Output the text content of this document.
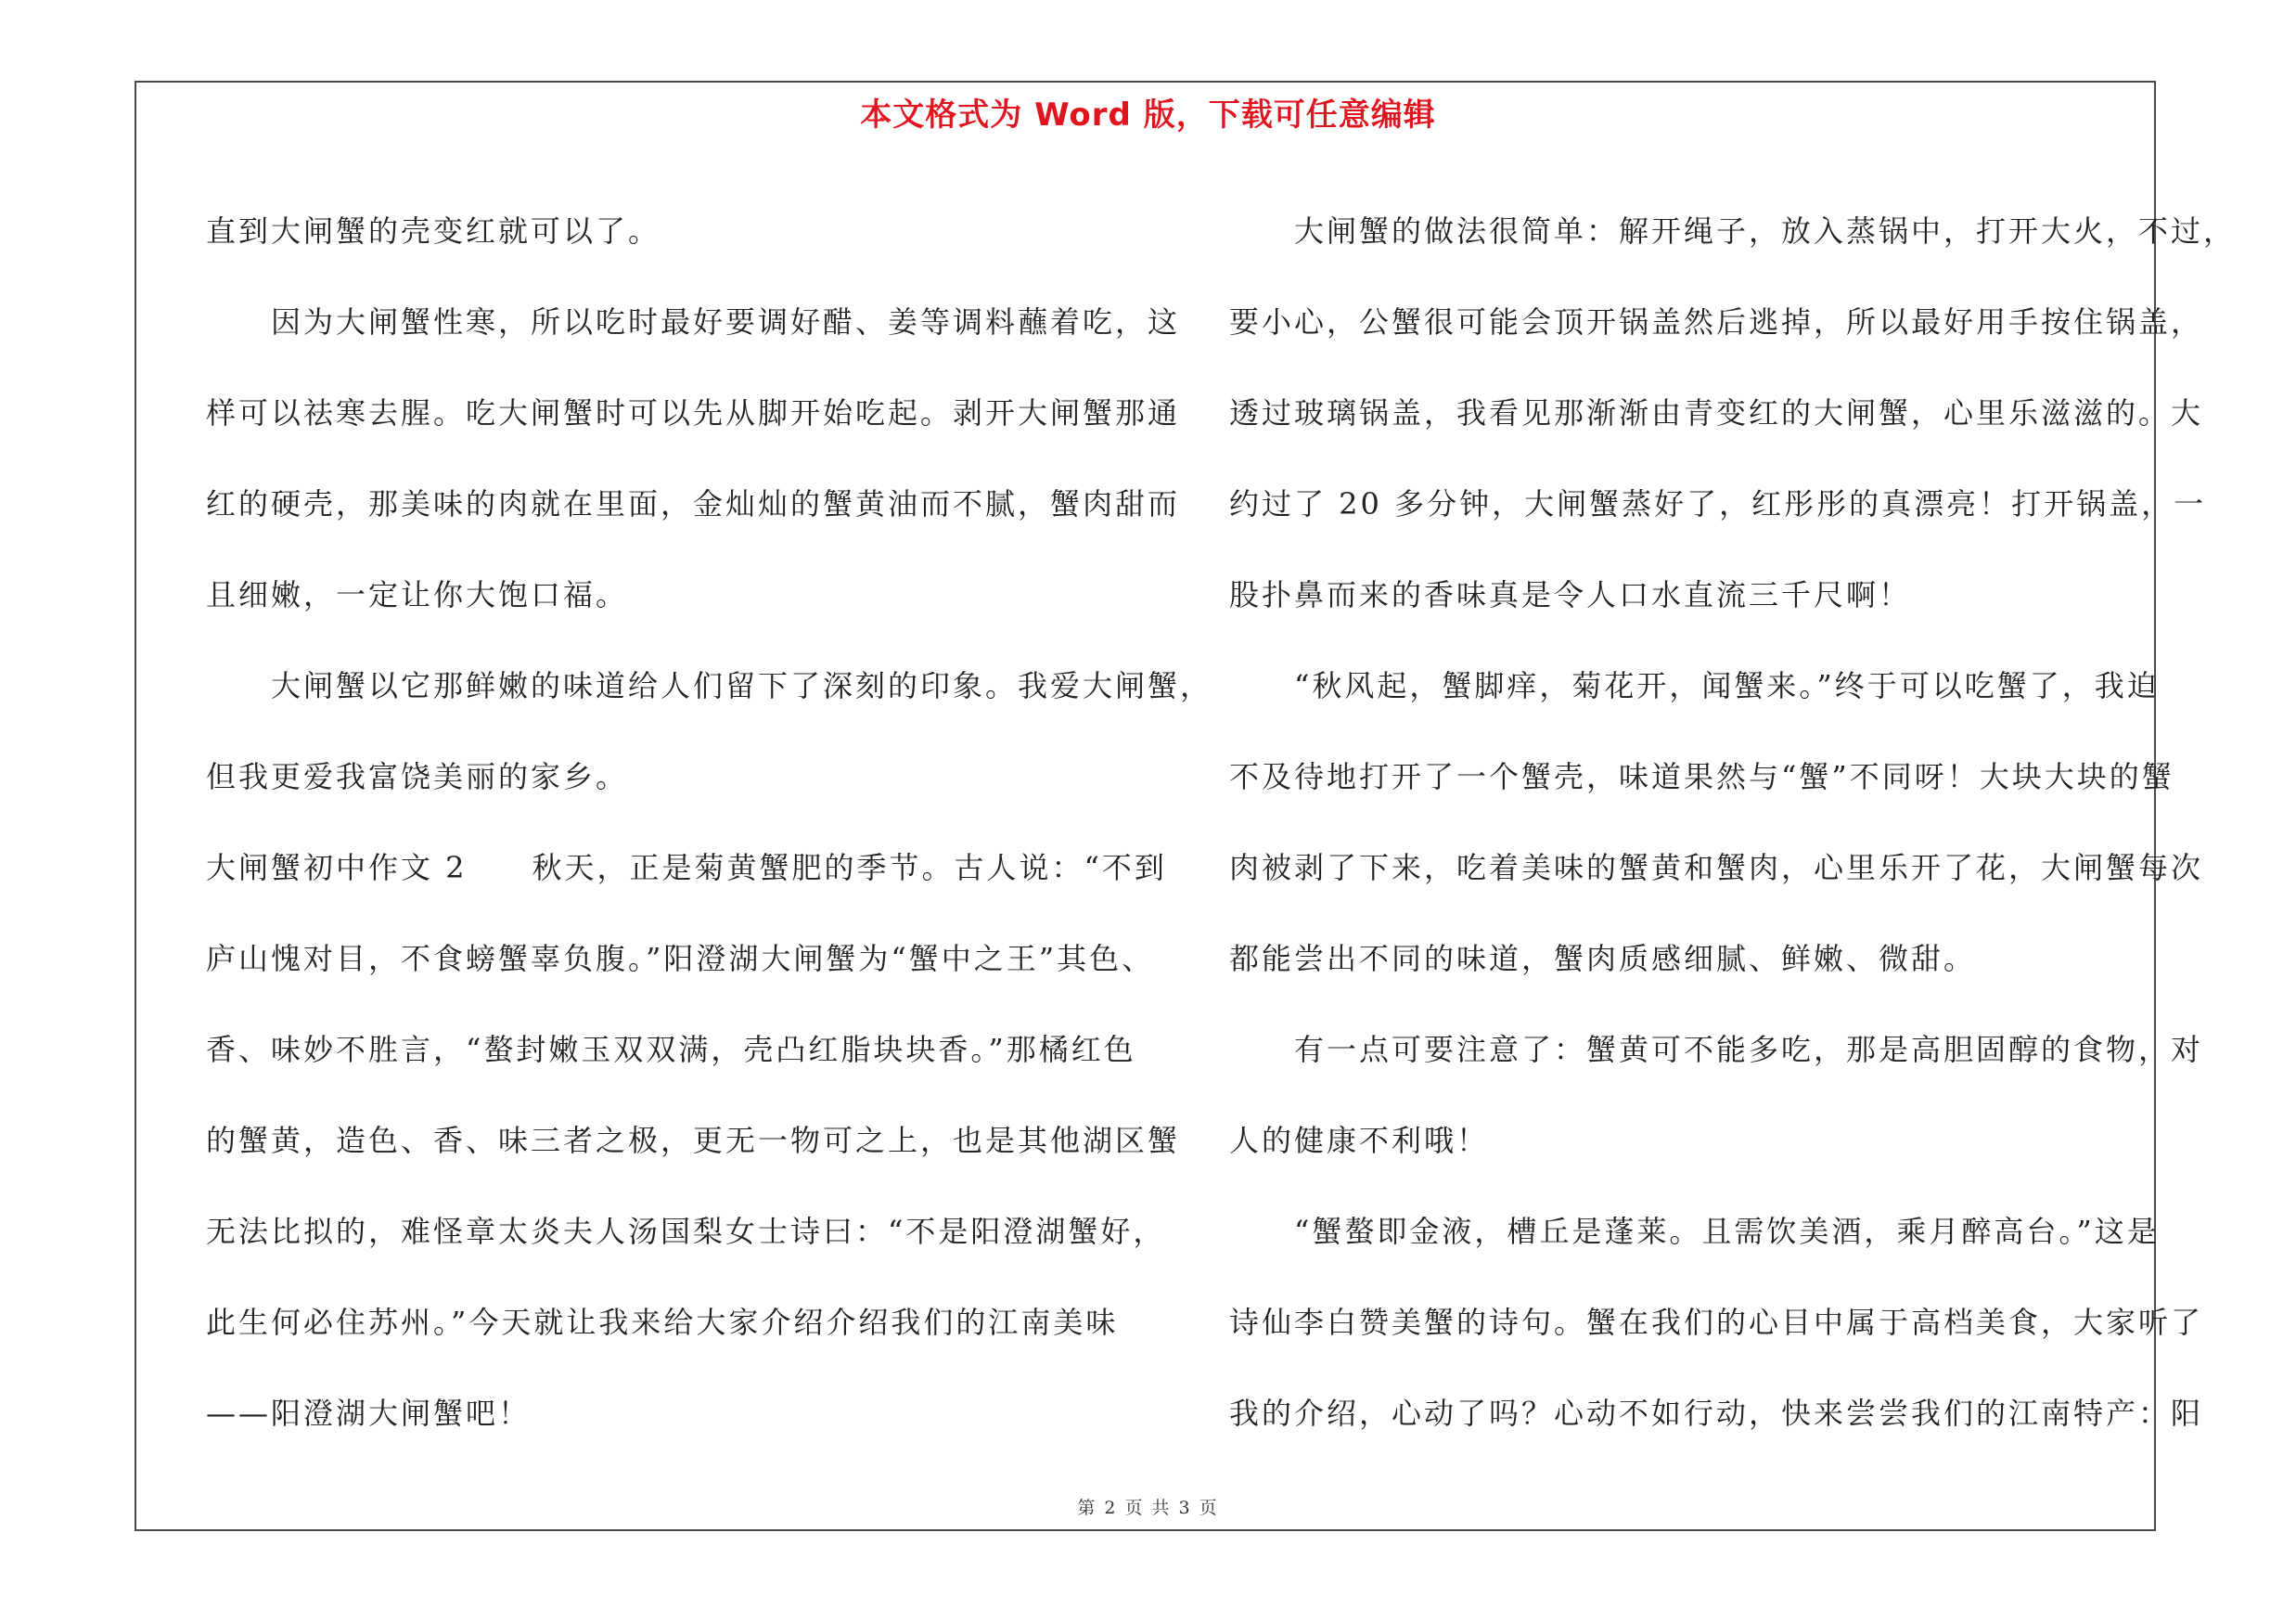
本文格式为 Word 版，下载可任意编辑
直到大闸蟹的壳变红就可以了。
　　因为大闸蟹性寒，所以吃时最好要调好醋、姜等调料蘸着吃，这
样可以祛寒去腥。吃大闸蟹时可以先从脚开始吃起。剥开大闸蟹那通
红的硬壳，那美味的肉就在里面，金灿灿的蟹黄油而不腻，蟹肉甜而
且细嫩，一定让你大饱口福。
　　大闸蟹以它那鲜嫩的味道给人们留下了深刻的印象。我爱大闸蟹，
但我更爱我富饶美丽的家乡。
大闸蟹初中作文 2　　秋天，正是菊黄蟹肥的季节。古人说：“不到
庐山愧对目，不食螃蟹辜负腹。”阳澄湖大闸蟹为“蟹中之王”其色、
香、味妙不胜言，“螯封嫩玉双双满，壳凸红脂块块香。”那橘红色
的蟹黄，造色、香、味三者之极，更无一物可之上，也是其他湖区蟹
无法比拟的，难怪章太炎夫人汤国梨女士诗曰：“不是阳澄湖蟹好，
此生何必住苏州。”今天就让我来给大家介绍介绍我们的江南美味
——阳澄湖大闸蟹吧！
　　大闸蟹的做法很简单：解开绳子，放入蒸锅中，打开大火，不过，
要小心，公蟹很可能会顶开锅盖然后逃掉，所以最好用手按住锅盖，
透过玻璃锅盖，我看见那渐渐由青变红的大闸蟹，心里乐滋滋的。大
约过了 20 多分钟，大闸蟹蒸好了，红彤彤的真漂亮！打开锅盖，一
股扑鼻而来的香味真是令人口水直流三千尺啊！
　　“秋风起，蟹脚痒，菊花开，闻蟹来。”终于可以吃蟹了，我迫
不及待地打开了一个蟹壳，味道果然与“蟹”不同呀！大块大块的蟹
肉被剥了下来，吃着美味的蟹黄和蟹肉，心里乐开了花，大闸蟹每次
都能尝出不同的味道，蟹肉质感细腻、鲜嫩、微甜。
　　有一点可要注意了：蟹黄可不能多吃，那是高胆固醇的食物，对
人的健康不利哦！
　　“蟹螯即金液，槽丘是蓬莱。且需饮美酒，乘月醉高台。”这是
诗仙李白赞美蟹的诗句。蟹在我们的心目中属于高档美食，大家听了
我的介绍，心动了吗？心动不如行动，快来尝尝我们的江南特产：阳
第 2 页 共 3 页
